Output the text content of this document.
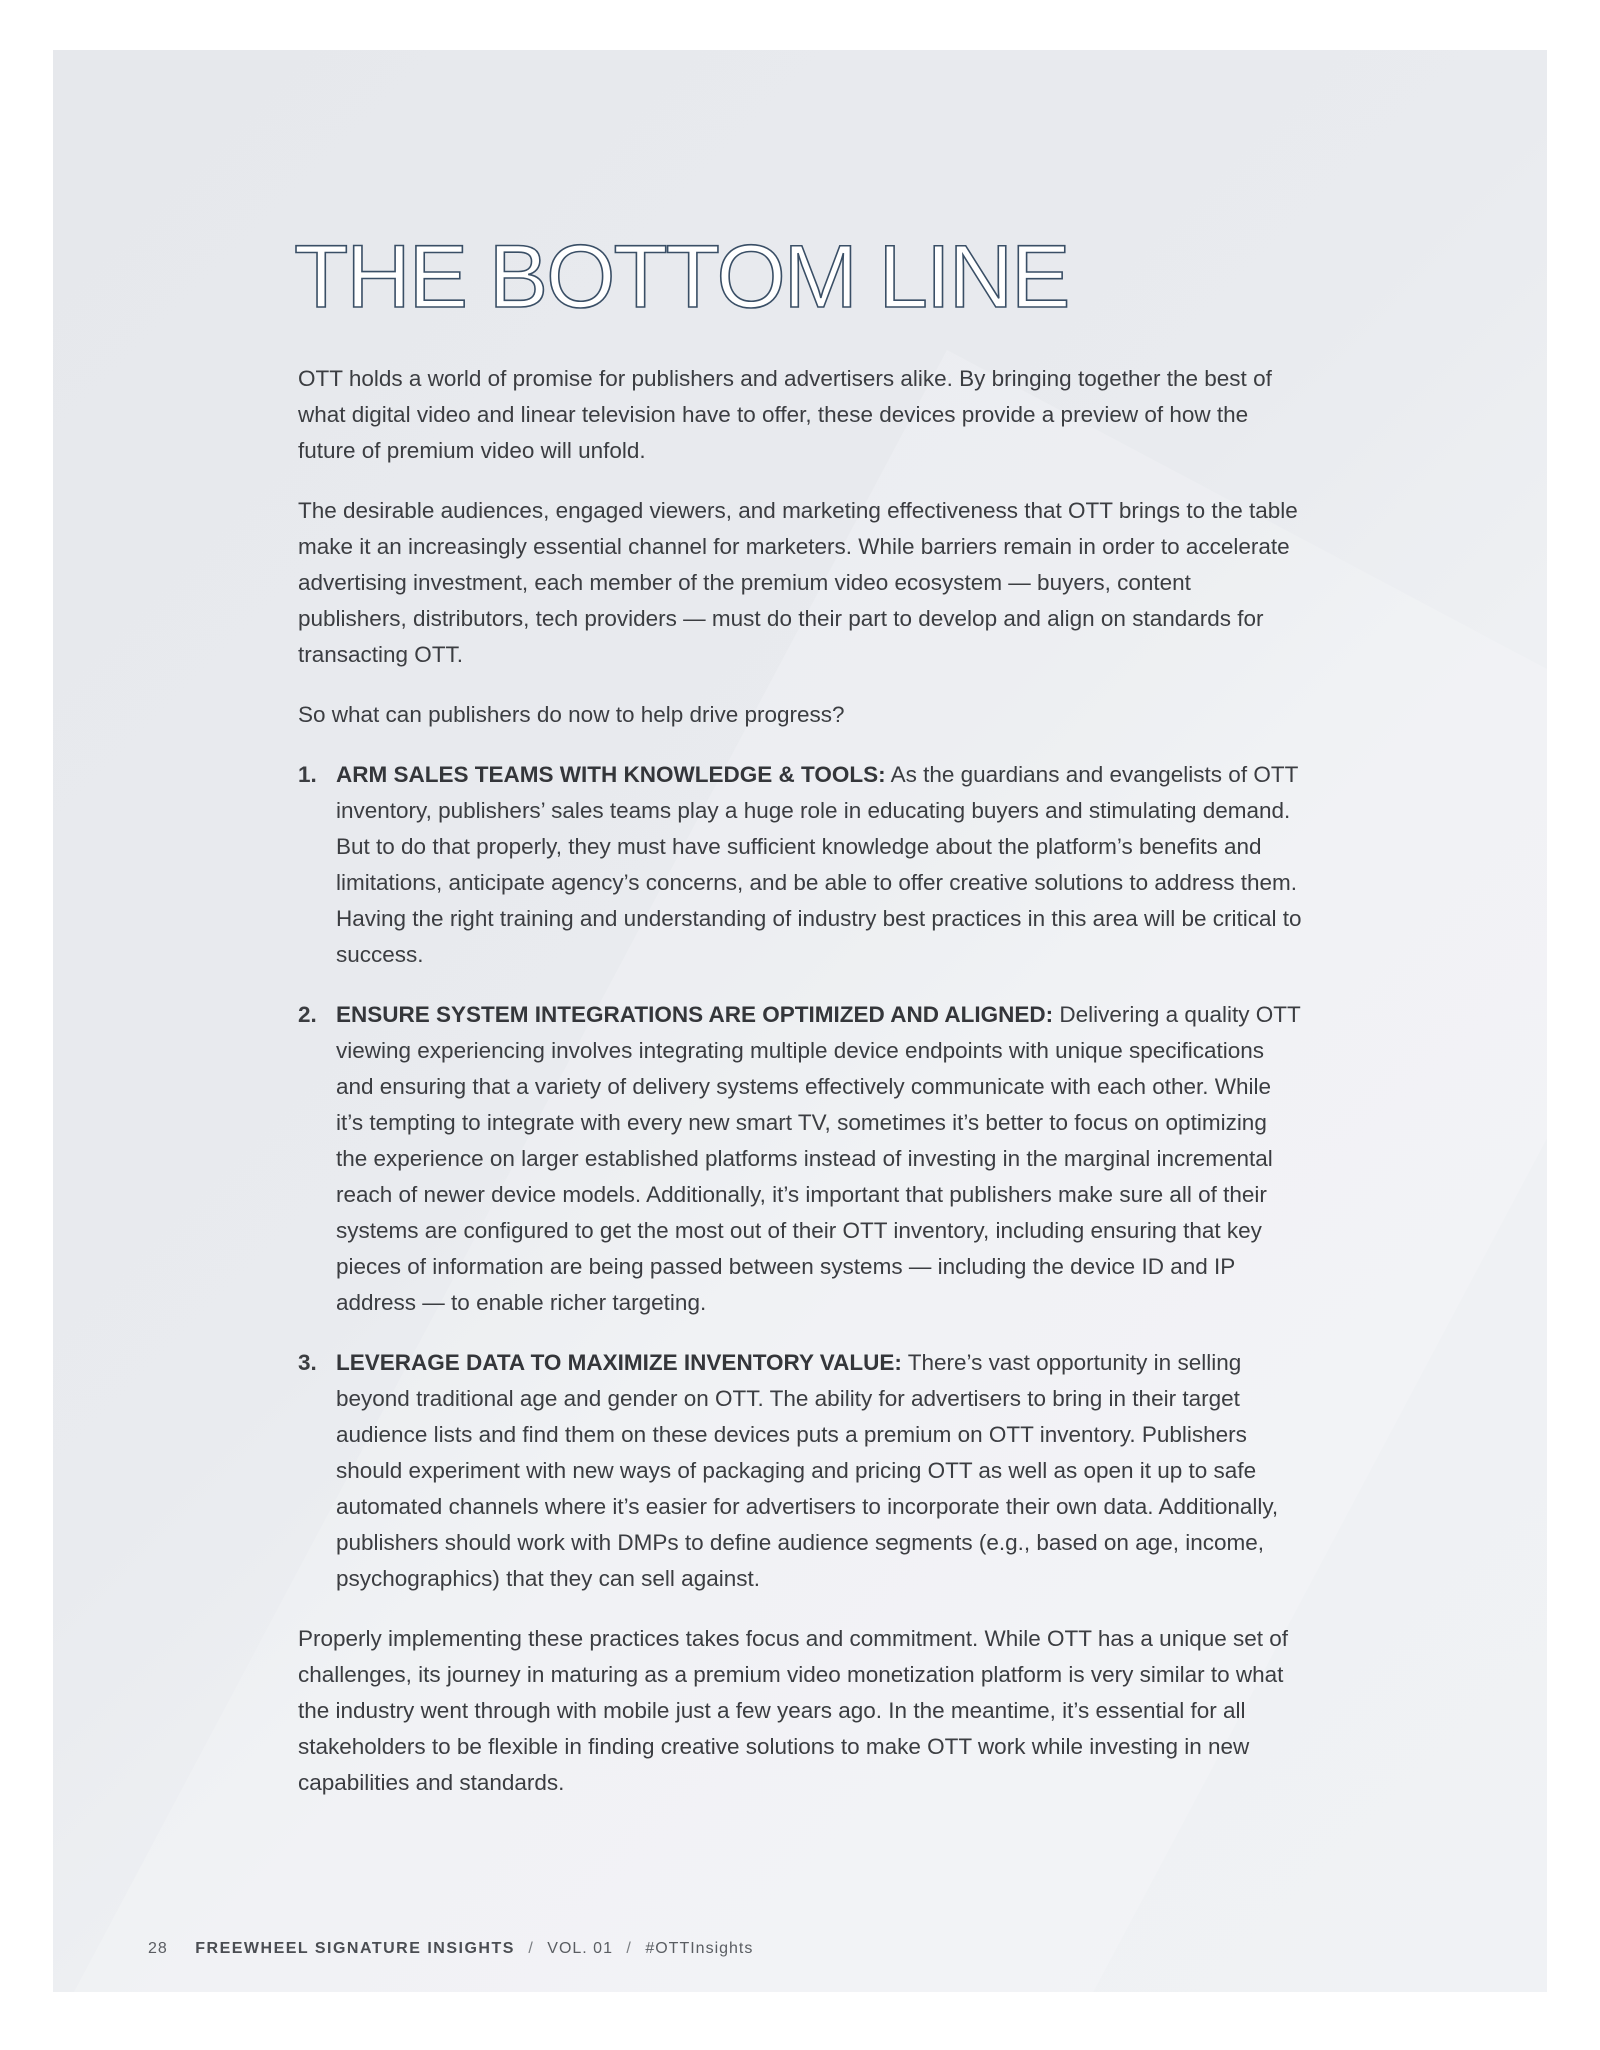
THE BOTTOM LINE

OTT holds a world of promise for publishers and advertisers alike. By bringing together the best of what digital video and linear television have to offer, these devices provide a preview of how the future of premium video will unfold.

The desirable audiences, engaged viewers, and marketing effectiveness that OTT brings to the table make it an increasingly essential channel for marketers. While barriers remain in order to accelerate advertising investment, each member of the premium video ecosystem — buyers, content publishers, distributors, tech providers — must do their part to develop and align on standards for transacting OTT.

So what can publishers do now to help drive progress?

1. ARM SALES TEAMS WITH KNOWLEDGE & TOOLS: As the guardians and evangelists of OTT inventory, publishers’ sales teams play a huge role in educating buyers and stimulating demand. But to do that properly, they must have sufficient knowledge about the platform’s benefits and limitations, anticipate agency’s concerns, and be able to offer creative solutions to address them. Having the right training and understanding of industry best practices in this area will be critical to success.
2. ENSURE SYSTEM INTEGRATIONS ARE OPTIMIZED AND ALIGNED: Delivering a quality OTT viewing experiencing involves integrating multiple device endpoints with unique specifications and ensuring that a variety of delivery systems effectively communicate with each other. While it’s tempting to integrate with every new smart TV, sometimes it’s better to focus on optimizing the experience on larger established platforms instead of investing in the marginal incremental reach of newer device models. Additionally, it’s important that publishers make sure all of their systems are configured to get the most out of their OTT inventory, including ensuring that key pieces of information are being passed between systems — including the device ID and IP address — to enable richer targeting.
3. LEVERAGE DATA TO MAXIMIZE INVENTORY VALUE: There’s vast opportunity in selling beyond traditional age and gender on OTT. The ability for advertisers to bring in their target audience lists and find them on these devices puts a premium on OTT inventory. Publishers should experiment with new ways of packaging and pricing OTT as well as open it up to safe automated channels where it’s easier for advertisers to incorporate their own data. Additionally, publishers should work with DMPs to define audience segments (e.g., based on age, income, psychographics) that they can sell against.

Properly implementing these practices takes focus and commitment. While OTT has a unique set of challenges, its journey in maturing as a premium video monetization platform is very similar to what the industry went through with mobile just a few years ago. In the meantime, it’s essential for all stakeholders to be flexible in finding creative solutions to make OTT work while investing in new capabilities and standards.

28 FREEWHEEL SIGNATURE INSIGHTS / VOL. 01 / #OTTInsights
